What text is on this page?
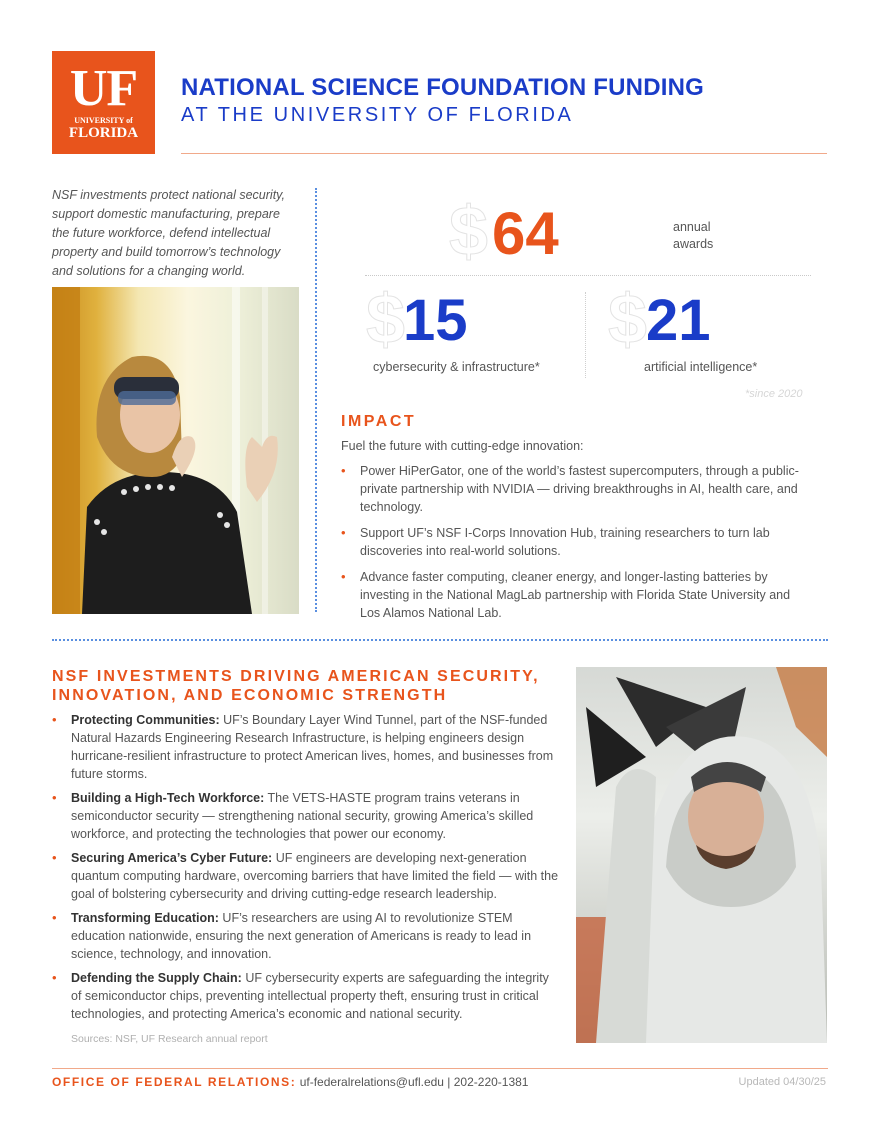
UF
UNIVERSITY of
FLORIDA
NATIONAL SCIENCE FOUNDATION FUNDING
AT THE UNIVERSITY OF FLORIDA

NSF investments protect national security, support domestic manufacturing, prepare the future workforce, defend intellectual property and build tomorrow’s technology and solutions for a changing world.

$ 64M	annual
awards
$
15M
cybersecurity & infrastructure*
$ 21M
artificial intelligence*
*since 2020
IMPACT
Fuel the future with cutting-edge innovation:
• Power HiPerGator, one of the world’s fastest supercomputers, through a public-private partnership with NVIDIA — driving breakthroughs in AI, health care, and technology.
• Support UF’s NSF I-Corps Innovation Hub, training researchers to turn lab discoveries into real-world solutions.
• Advance faster computing, cleaner energy, and longer-lasting batteries by investing in the National MagLab partnership with Florida State University and Los Alamos National Lab.
NSF INVESTMENTS DRIVING AMERICAN SECURITY, INNOVATION, AND ECONOMIC STRENGTH
• Protecting Communities: UF’s Boundary Layer Wind Tunnel, part of the NSF-funded Natural Hazards Engineering Research Infrastructure, is helping engineers design hurricane-resilient infrastructure to protect American lives, homes, and businesses from future storms.
• Building a High-Tech Workforce: The VETS-HASTE program trains veterans in semiconductor security — strengthening national security, growing America’s skilled workforce, and protecting the technologies that power our economy.
• Securing America’s Cyber Future: UF engineers are developing next-generation quantum computing hardware, overcoming barriers that have limited the field — with the goal of bolstering cybersecurity and driving cutting-edge research leadership.
• Transforming Education: UF’s researchers are using AI to revolutionize STEM education nationwide, ensuring the next generation of Americans is ready to lead in science, technology, and innovation.
• Defending the Supply Chain: UF cybersecurity experts are safeguarding the integrity of semiconductor chips, preventing intellectual property theft, ensuring trust in critical technologies, and protecting America’s economic and national security.
Sources: NSF, UF Research annual report
OFFICE OF FEDERAL RELATIONS: uf-federalrelations@ufl.edu | 202-220-1381	Updated 04/30/25
